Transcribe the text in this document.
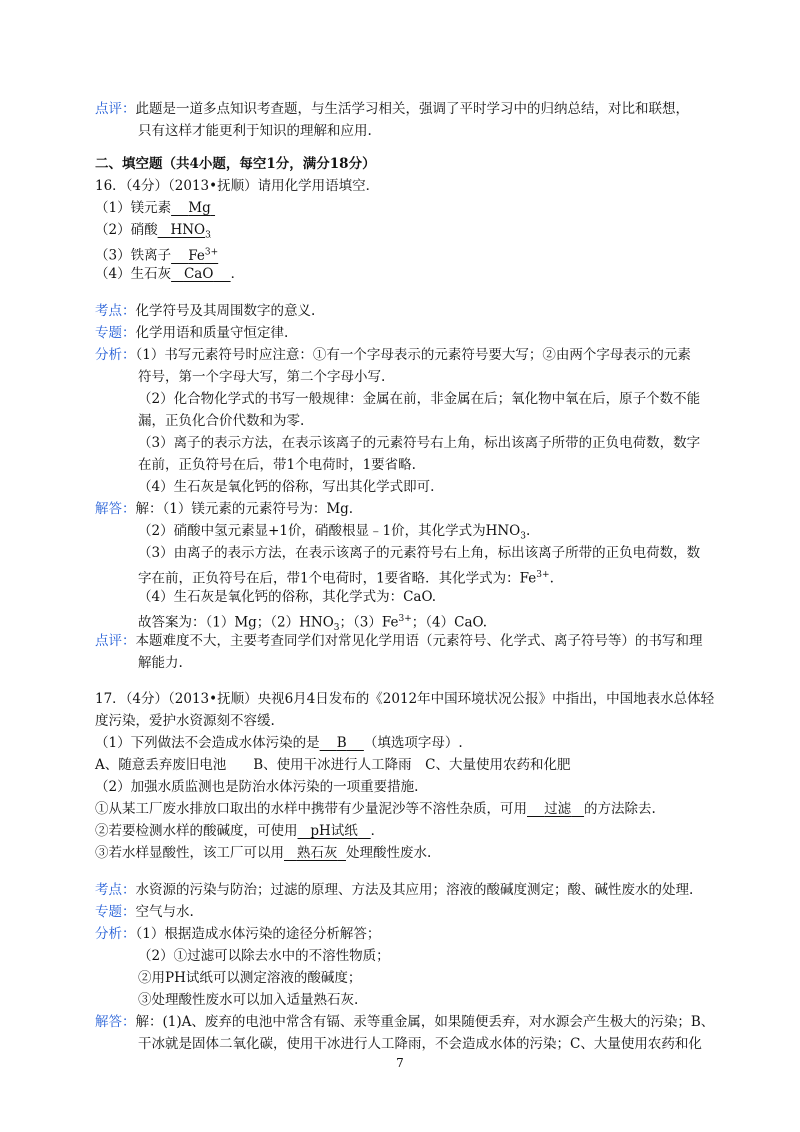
点评：此题是一道多点知识考查题，与生活学习相关，强调了平时学习中的归纳总结，对比和联想，
只有这样才能更利于知识的理解和应用.
二、填空题（共4小题，每空1分，满分18分）
16．（4分）（2013•抚顺）请用化学用语填空．
（1）镁元素 Mg
（2）硝酸 $HNO_3$
（3）铁离子 $Fe^{3+}$
（4）生石灰 CaO ．
考点：化学符号及其周围数字的意义.
专题：化学用语和质量守恒定律.
分析：（1）书写元素符号时应注意：①有一个字母表示的元素符号要大写；②由两个字母表示的元素
符号，第一个字母大写，第二个字母小写.
（2）化合物化学式的书写一般规律：金属在前，非金属在后；氧化物中氧在后，原子个数不能
漏，正负化合价代数和为零.
（3）离子的表示方法，在表示该离子的元素符号右上角，标出该离子所带的正负电荷数，数字
在前，正负符号在后，带1个电荷时，1要省略.
（4）生石灰是氧化钙的俗称，写出其化学式即可.
解答：解：（1）镁元素的元素符号为：Mg.
（2）硝酸中氢元素显+1价，硝酸根显﹣1价，其化学式为$HNO_3$.
（3）由离子的表示方法，在表示该离子的元素符号右上角，标出该离子所带的正负电荷数，数
字在前，正负符号在后，带1个电荷时，1要省略．其化学式为：$Fe^{3+}$.
（4）生石灰是氧化钙的俗称，其化学式为：CaO.
故答案为：（1）Mg；$(2)HNO_3$；$(3)Fe^{3+}$；（4）CaO.
点评：本题难度不大，主要考查同学们对常见化学用语（元素符号、化学式、离子符号等）的书写和理
解能力.
17．（4分）（2013•抚顺）央视6月4日发布的《2012年中国环境状况公报》中指出，中国地表水总体轻
度污染，爱护水资源刻不容缓.
（1）下列做法不会造成水体污染的是 B （填选项字母）.
A、随意丢弃废旧电池　　B、使用干冰进行人工降雨　C、大量使用农药和化肥
（2）加强水质监测也是防治水体污染的一项重要措施.
①从某工厂废水排放口取出的水样中携带有少量泥沙等不溶性杂质，可用 过滤 的方法除去.
②若要检测水样的酸碱度，可使用 pH试纸 ．
③若水样显酸性，该工厂可以用 熟石灰 处理酸性废水.
考点：水资源的污染与防治；过滤的原理、方法及其应用；溶液的酸碱度测定；酸、碱性废水的处理.
专题：空气与水.
分析：（1）根据造成水体污染的途径分析解答；
（2）①过滤可以除去水中的不溶性物质；
②用PH试纸可以测定溶液的酸碱度；
③处理酸性废水可以加入适量熟石灰.
解答：解：(1)A、废弃的电池中常含有镉、汞等重金属，如果随便丢弃，对水源会产生极大的污染；B、
干冰就是固体二氧化碳，使用干冰进行人工降雨，不会造成水体的污染；C、大量使用农药和化
7
